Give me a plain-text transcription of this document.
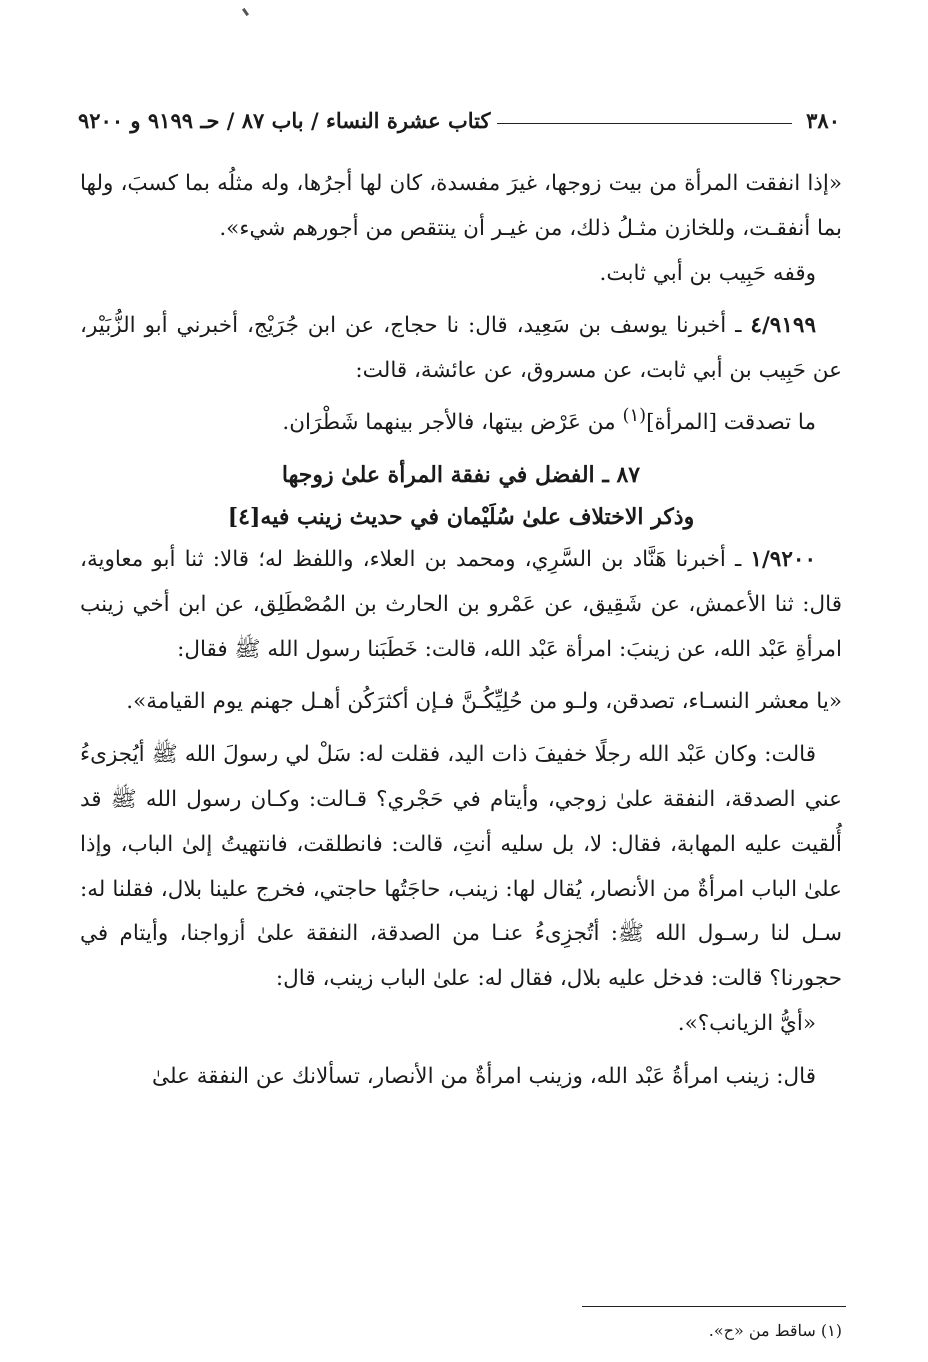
٣٨٠
كتاب عشرة النساء / باب ٨٧ / حـ ٩١٩٩ و ٩٢٠٠

«إذا انفقت المرأة من بيت زوجها، غيرَ مفسدة، كان لها أجرُها، وله مثلُه بما كسبَ، ولها بما أنفقـت، وللخازن مثـلُ ذلك، من غيـر أن ينتقص من أجورهم شيء».

وقفه حَبِيب بن أبي ثابت.

٤/٩١٩٩ ـ أخبرنا يوسف بن سَعِيد، قال: نا حجاج، عن ابن جُرَيْج، أخبرني أبو الزُّبَيْر، عن حَبِيب بن أبي ثابت، عن مسروق، عن عائشة، قالت:

ما تصدقت [المرأة]$^{(١)}$ من عَرْض بيتها، فالأجر بينهما شَطْرَان.

٨٧ ـ الفضل في نفقة المرأة علىٰ زوجها

وذكر الاختلاف علىٰ سُلَيْمان في حديث زينب فيه[٤]

١/٩٢٠٠ ـ أخبرنا هَنَّاد بن السَّرِي، ومحمد بن العلاء، واللفظ له؛ قالا: ثنا أبو معاوية، قال: ثنا الأعمش، عن شَقِيق، عن عَمْرو بن الحارث بن المُصْطَلِق، عن ابن أخي زينب امرأةِ عَبْد الله، عن زينبَ: امرأة عَبْد الله، قالت: خَطَبَنا رسول الله ﷺ فقال:

«يا معشر النسـاء، تصدقن، ولـو من حُلِيِّكُـنَّ فـإن أكثرَكُن أهـل جهنم يوم القيامة».

قالت: وكان عَبْد الله رجلًا خفيفَ ذات اليد، فقلت له: سَلْ لي رسولَ الله ﷺ أيُجزىءُ عني الصدقة، النفقة علىٰ زوجي، وأيتام في حَجْري؟ قـالت: وكـان رسول الله ﷺ قد أُلقيت عليه المهابة، فقال: لا، بل سليه أنتِ، قالت: فانطلقت، فانتهيتُ إلىٰ الباب، وإذا علىٰ الباب امرأةٌ من الأنصار، يُقال لها: زينب، حاجَتُها حاجتي، فخرج علينا بلال، فقلنا له: سـل لنا رسـول الله ﷺ: أتُجزِىءُ عنـا من الصدقة، النفقة علىٰ أزواجنا، وأيتام في حجورنا؟ قالت: فدخل عليه بلال، فقال له: علىٰ الباب زينب، قال:

«أيُّ الزيانب؟».

قال: زينب امرأةُ عَبْد الله، وزينب امرأةٌ من الأنصار، تسألانك عن النفقة علىٰ

(١) ساقط من «ح».
